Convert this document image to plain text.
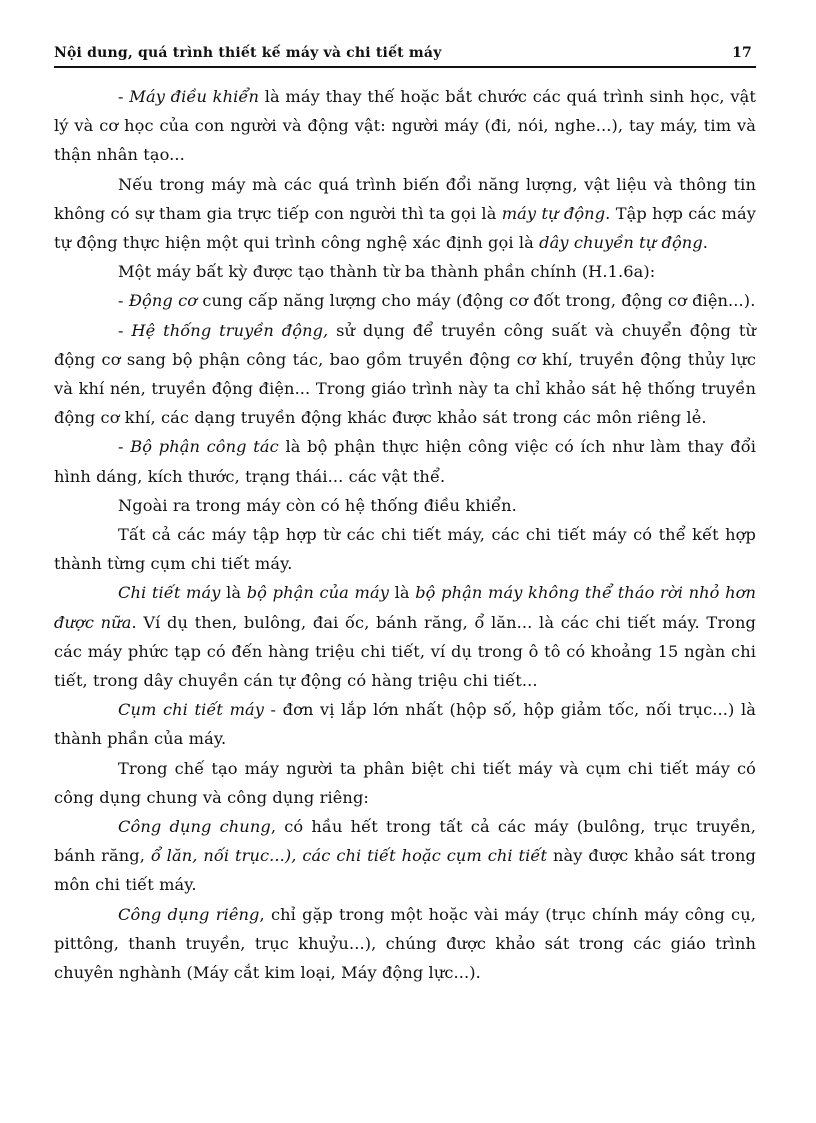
Nội dung, quá trình thiết kế máy và chi tiết máy	17

- Máy điều khiển là máy thay thế hoặc bắt chước các quá trình sinh học, vật lý và cơ học của con người và động vật: người máy (đi, nói, nghe...), tay máy, tim và thận nhân tạo...

Nếu trong máy mà các quá trình biến đổi năng lượng, vật liệu và thông tin không có sự tham gia trực tiếp con người thì ta gọi là máy tự động. Tập hợp các máy tự động thực hiện một qui trình công nghệ xác định gọi là dây chuyền tự động.

Một máy bất kỳ được tạo thành từ ba thành phần chính (H.1.6a):

- Động cơ cung cấp năng lượng cho máy (động cơ đốt trong, động cơ điện...).

- Hệ thống truyền động, sử dụng để truyền công suất và chuyển động từ động cơ sang bộ phận công tác, bao gồm truyền động cơ khí, truyền động thủy lực và khí nén, truyền động điện... Trong giáo trình này ta chỉ khảo sát hệ thống truyền động cơ khí, các dạng truyền động khác được khảo sát trong các môn riêng lẻ.

- Bộ phận công tác là bộ phận thực hiện công việc có ích như làm thay đổi hình dáng, kích thước, trạng thái... các vật thể.

Ngoài ra trong máy còn có hệ thống điều khiển.

Tất cả các máy tập hợp từ các chi tiết máy, các chi tiết máy có thể kết hợp thành từng cụm chi tiết máy.

Chi tiết máy là bộ phận của máy là bộ phận máy không thể tháo rời nhỏ hơn được nữa. Ví dụ then, bulông, đai ốc, bánh răng, ổ lăn... là các chi tiết máy. Trong các máy phức tạp có đến hàng triệu chi tiết, ví dụ trong ô tô có khoảng 15 ngàn chi tiết, trong dây chuyền cán tự động có hàng triệu chi tiết...

Cụm chi tiết máy - đơn vị lắp lớn nhất (hộp số, hộp giảm tốc, nối trục...) là thành phần của máy.

Trong chế tạo máy người ta phân biệt chi tiết máy và cụm chi tiết máy có công dụng chung và công dụng riêng:

Công dụng chung, có hầu hết trong tất cả các máy (bulông, trục truyền, bánh răng, ổ lăn, nối trục...), các chi tiết hoặc cụm chi tiết này được khảo sát trong môn chi tiết máy.

Công dụng riêng, chỉ gặp trong một hoặc vài máy (trục chính máy công cụ, pittông, thanh truyền, trục khuỷu...), chúng được khảo sát trong các giáo trình chuyên nghành (Máy cắt kim loại, Máy động lực...).
